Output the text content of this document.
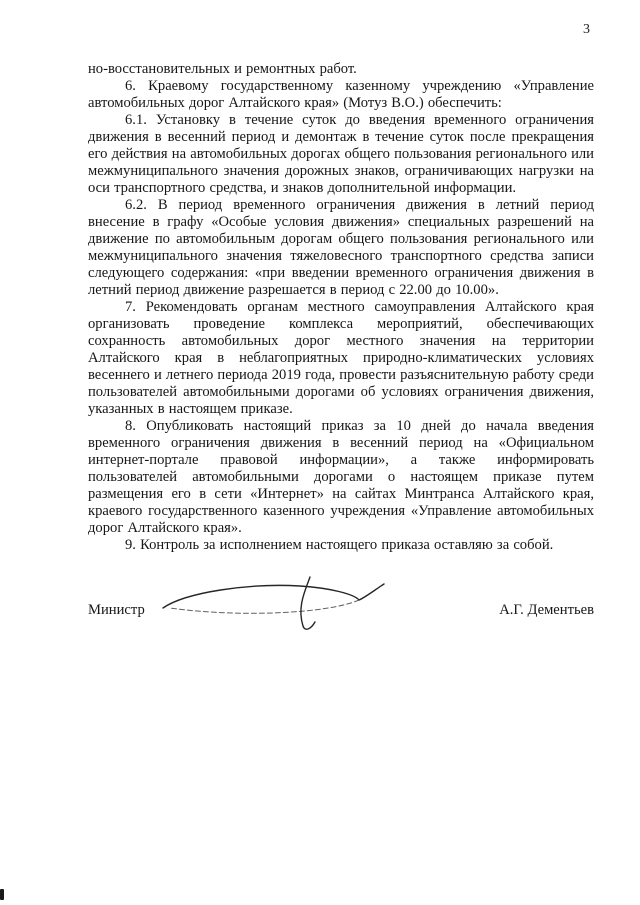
3

но-восстановительных и ремонтных работ.

6. Краевому государственному казенному учреждению «Управление автомобильных дорог Алтайского края» (Мотуз В.О.) обеспечить:

6.1. Установку в течение суток до введения временного ограничения движения в весенний период и демонтаж в течение суток после прекращения его действия на автомобильных дорогах общего пользования регионального или межмуниципального значения дорожных знаков, ограничивающих нагрузки на оси транспортного средства, и знаков дополнительной информации.

6.2. В период временного ограничения движения в летний период внесение в графу «Особые условия движения» специальных разрешений на движение по автомобильным дорогам общего пользования регионального или межмуниципального значения тяжеловесного транспортного средства записи следующего содержания: «при введении временного ограничения движения в летний период движение разрешается в период с 22.00 до 10.00».

7. Рекомендовать органам местного самоуправления Алтайского края организовать проведение комплекса мероприятий, обеспечивающих сохранность автомобильных дорог местного значения на территории Алтайского края в неблагоприятных природно-климатических условиях весеннего и летнего периода 2019 года, провести разъяснительную работу среди пользователей автомобильными дорогами об условиях ограничения движения, указанных в настоящем приказе.

8. Опубликовать настоящий приказ за 10 дней до начала введения временного ограничения движения в весенний период на «Официальном интернет-портале правовой информации», а также информировать пользователей автомобильными дорогами о настоящем приказе путем размещения его в сети «Интернет» на сайтах Минтранса Алтайского края, краевого государственного казенного учреждения «Управление автомобильных дорог Алтайского края».

9. Контроль за исполнением настоящего приказа оставляю за собой.

Министр	А.Г. Дементьев
